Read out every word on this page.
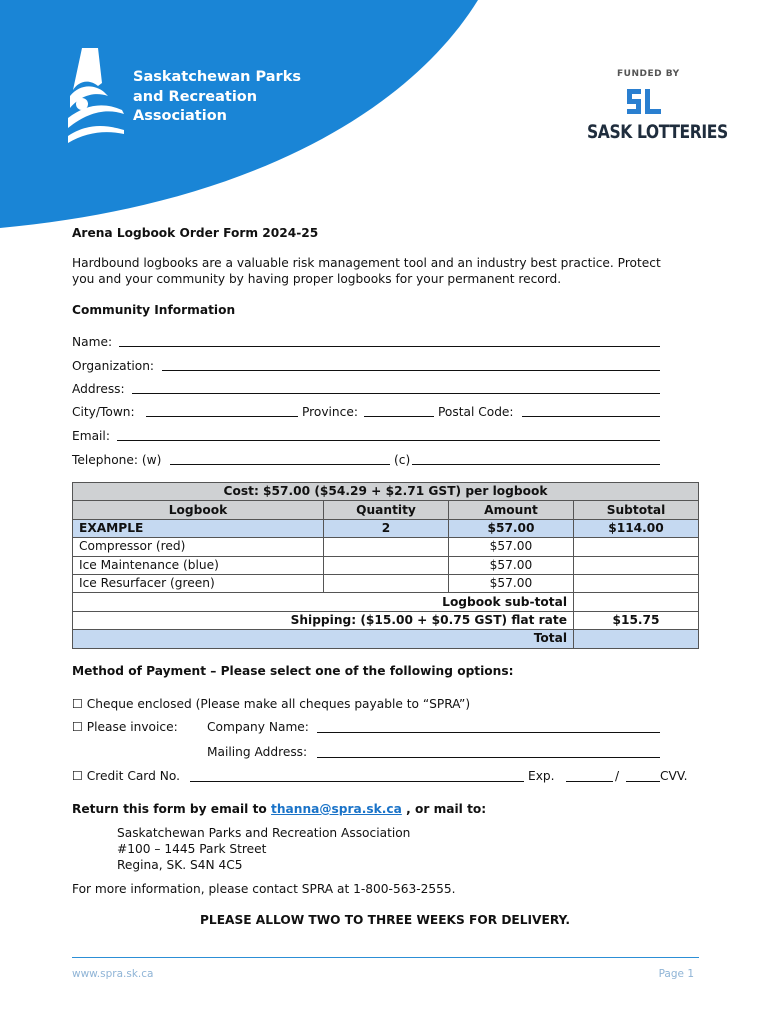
Saskatchewan Parks
and Recreation
Association
FUNDED BY
SASK LOTTERIES
Arena Logbook Order Form 2024-25
Hardbound logbooks are a valuable risk management tool and an industry best practice. Protect
you and your community by having proper logbooks for your permanent record.
Community Information
Name:
Organization:
Address:
City/Town:	Province:	Postal Code:
Email:
Telephone: (w)	(c)
Cost: $57.00 ($54.29 + $2.71 GST) per logbook			
Logbook	Quantity	Amount	Subtotal
EXAMPLE	2	$57.00	$114.00
Compressor (red)		$57.00	
Ice Maintenance (blue)		$57.00	
Ice Resurfacer (green)		$57.00	
Logbook sub-total			
Shipping: ($15.00 + $0.75 GST) flat rate			$15.75
Total			
Method of Payment – Please select one of the following options:
☐ Cheque enclosed (Please make all cheques payable to “SPRA”)
☐ Please invoice: Company Name:
Mailing Address:
☐ Credit Card No.	Exp.	/	CVV.
Return this form by email to thanna@spra.sk.ca , or mail to:
Saskatchewan Parks and Recreation Association
#100 – 1445 Park Street
Regina, SK. S4N 4C5
For more information, please contact SPRA at 1-800-563-2555.
PLEASE ALLOW TWO TO THREE WEEKS FOR DELIVERY.
www.spra.sk.ca	Page 1
